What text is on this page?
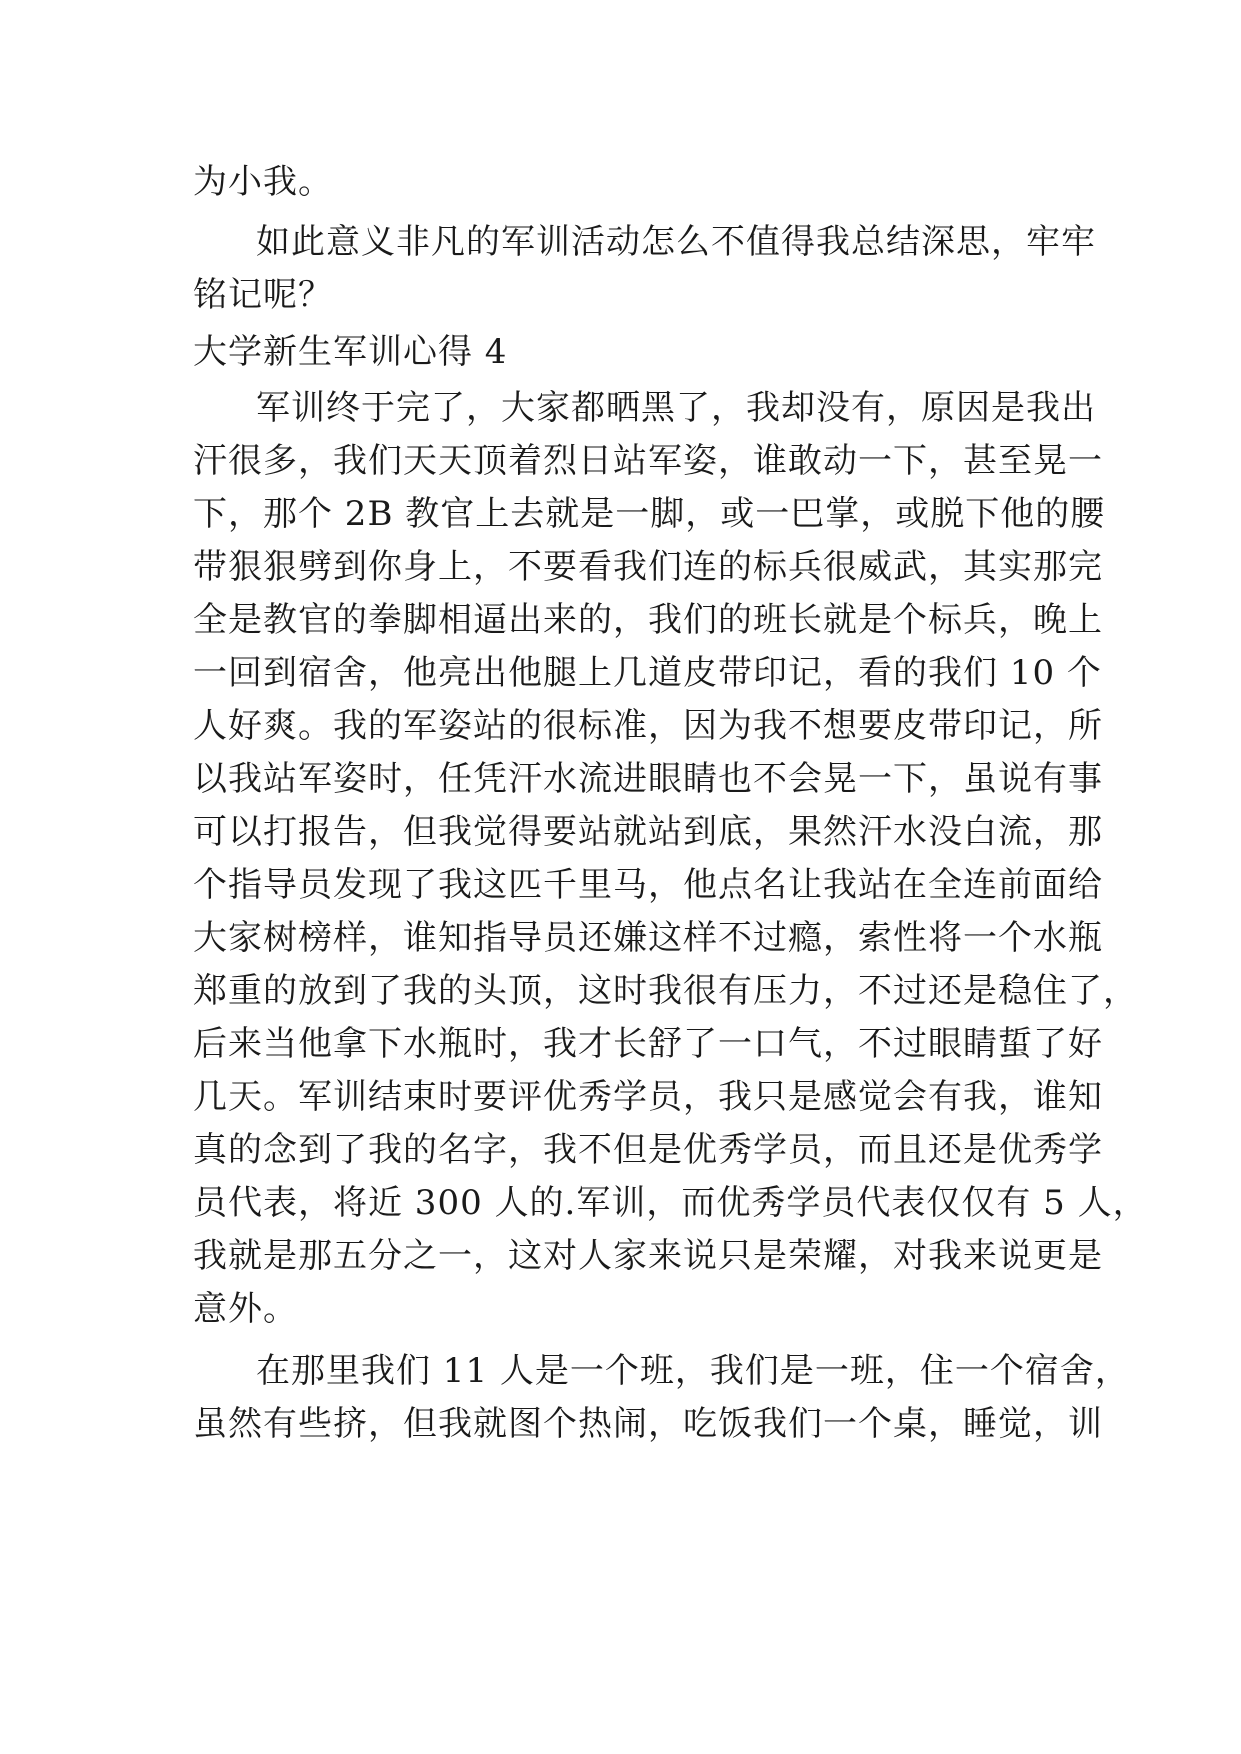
为小我。
如此意义非凡的军训活动怎么不值得我总结深思，牢牢
铭记呢？
大学新生军训心得 4
军训终于完了，大家都晒黑了，我却没有，原因是我出
汗很多，我们天天顶着烈日站军姿，谁敢动一下，甚至晃一
下，那个 2B 教官上去就是一脚，或一巴掌，或脱下他的腰
带狠狠劈到你身上，不要看我们连的标兵很威武，其实那完
全是教官的拳脚相逼出来的，我们的班长就是个标兵，晚上
一回到宿舍，他亮出他腿上几道皮带印记，看的我们 10 个
人好爽。我的军姿站的很标准，因为我不想要皮带印记，所
以我站军姿时，任凭汗水流进眼睛也不会晃一下，虽说有事
可以打报告，但我觉得要站就站到底，果然汗水没白流，那
个指导员发现了我这匹千里马，他点名让我站在全连前面给
大家树榜样，谁知指导员还嫌这样不过瘾，索性将一个水瓶
郑重的放到了我的头顶，这时我很有压力，不过还是稳住了，
后来当他拿下水瓶时，我才长舒了一口气，不过眼睛蜇了好
几天。军训结束时要评优秀学员，我只是感觉会有我，谁知
真的念到了我的名字，我不但是优秀学员，而且还是优秀学
员代表，将近 300 人的.军训，而优秀学员代表仅仅有 5 人，
我就是那五分之一，这对人家来说只是荣耀，对我来说更是
意外。
在那里我们 11 人是一个班，我们是一班，住一个宿舍，
虽然有些挤，但我就图个热闹，吃饭我们一个桌，睡觉，训
